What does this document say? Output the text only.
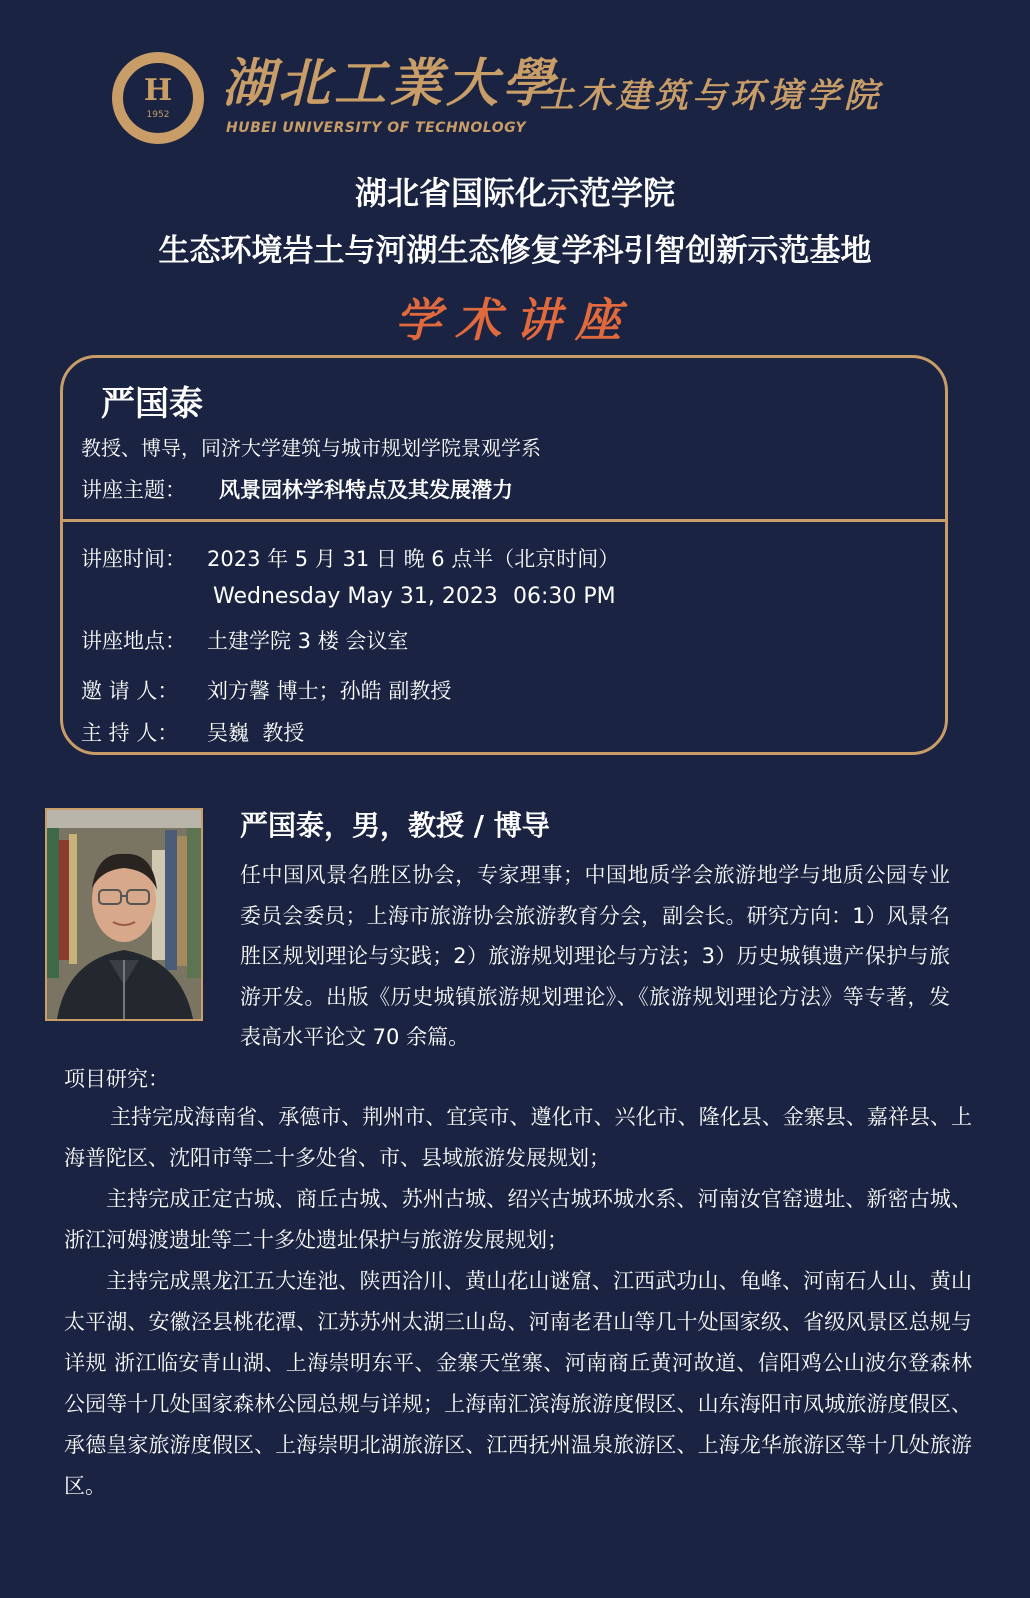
H
1952
湖北工業大學
HUBEI UNIVERSITY OF TECHNOLOGY
土木建筑与环境学院
湖北省国际化示范学院
生态环境岩土与河湖生态修复学科引智创新示范基地
学术讲座
严国泰
教授、博导，同济大学建筑与城市规划学院景观学系
讲座主题： 风景园林学科特点及其发展潜力
讲座时间： 2023 年 5 月 31 日 晚 6 点半（北京时间）
Wednesday May 31, 2023 06:30 PM
讲座地点： 土建学院 3 楼 会议室
邀 请 人： 刘方馨 博士；孙皓 副教授
主 持 人： 吴巍  教授
严国泰，男，教授 / 博导
任中国风景名胜区协会，专家理事；中国地质学会旅游地学与地质公园专业委员会委员；上海市旅游协会旅游教育分会，副会长。研究方向：1）风景名胜区规划理论与实践；2）旅游规划理论与方法；3）历史城镇遗产保护与旅游开发。出版《历史城镇旅游规划理论》、《旅游规划理论方法》等专著，发表高水平论文 70 余篇。
项目研究：
主持完成海南省、承德市、荆州市、宜宾市、遵化市、兴化市、隆化县、金寨县、嘉祥县、上海普陀区、沈阳市等二十多处省、市、县域旅游发展规划；
主持完成正定古城、商丘古城、苏州古城、绍兴古城环城水系、河南汝官窑遗址、新密古城、浙江河姆渡遗址等二十多处遗址保护与旅游发展规划；
主持完成黑龙江五大连池、陕西洽川、黄山花山谜窟、江西武功山、龟峰、河南石人山、黄山太平湖、安徽泾县桃花潭、江苏苏州太湖三山岛、河南老君山等几十处国家级、省级风景区总规与详规 浙江临安青山湖、上海崇明东平、金寨天堂寨、河南商丘黄河故道、信阳鸡公山波尔登森林公园等十几处国家森林公园总规与详规；上海南汇滨海旅游度假区、山东海阳市凤城旅游度假区、承德皇家旅游度假区、上海崇明北湖旅游区、江西抚州温泉旅游区、上海龙华旅游区等十几处旅游区。
